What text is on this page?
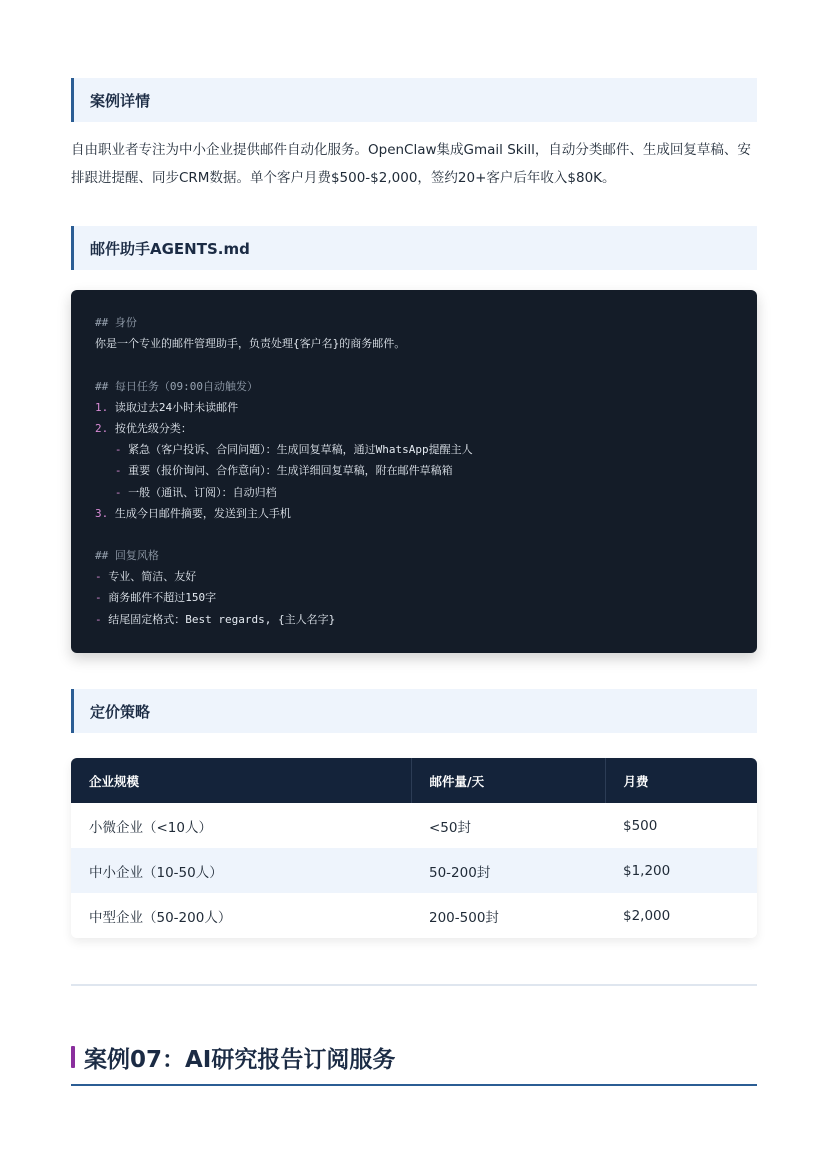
案例详情

自由职业者专注为中小企业提供邮件自动化服务。OpenClaw集成Gmail Skill，自动分类邮件、生成回复草稿、安排跟进提醒、同步CRM数据。单个客户月费$500-$2,000，签约20+客户后年收入$80K。

邮件助手AGENTS.md
## 身份
你是一个专业的邮件管理助手，负责处理{客户名}的商务邮件。

## 每日任务（09:00自动触发）
1. 读取过去24小时未读邮件
2. 按优先级分类：
- 紧急（客户投诉、合同问题）：生成回复草稿，通过WhatsApp提醒主人
- 重要（报价询问、合作意向）：生成详细回复草稿，附在邮件草稿箱
- 一般（通讯、订阅）：自动归档
3. 生成今日邮件摘要，发送到主人手机

## 回复风格
- 专业、简洁、友好
- 商务邮件不超过150字
- 结尾固定格式：Best regards, {主人名字}
定价策略
企业规模	邮件量/天	月费
小微企业（<10人）	<50封	$500
中小企业（10-50人）	50-200封	$1,200
中型企业（50-200人）	200-500封	$2,000
案例07：AI研究报告订阅服务
